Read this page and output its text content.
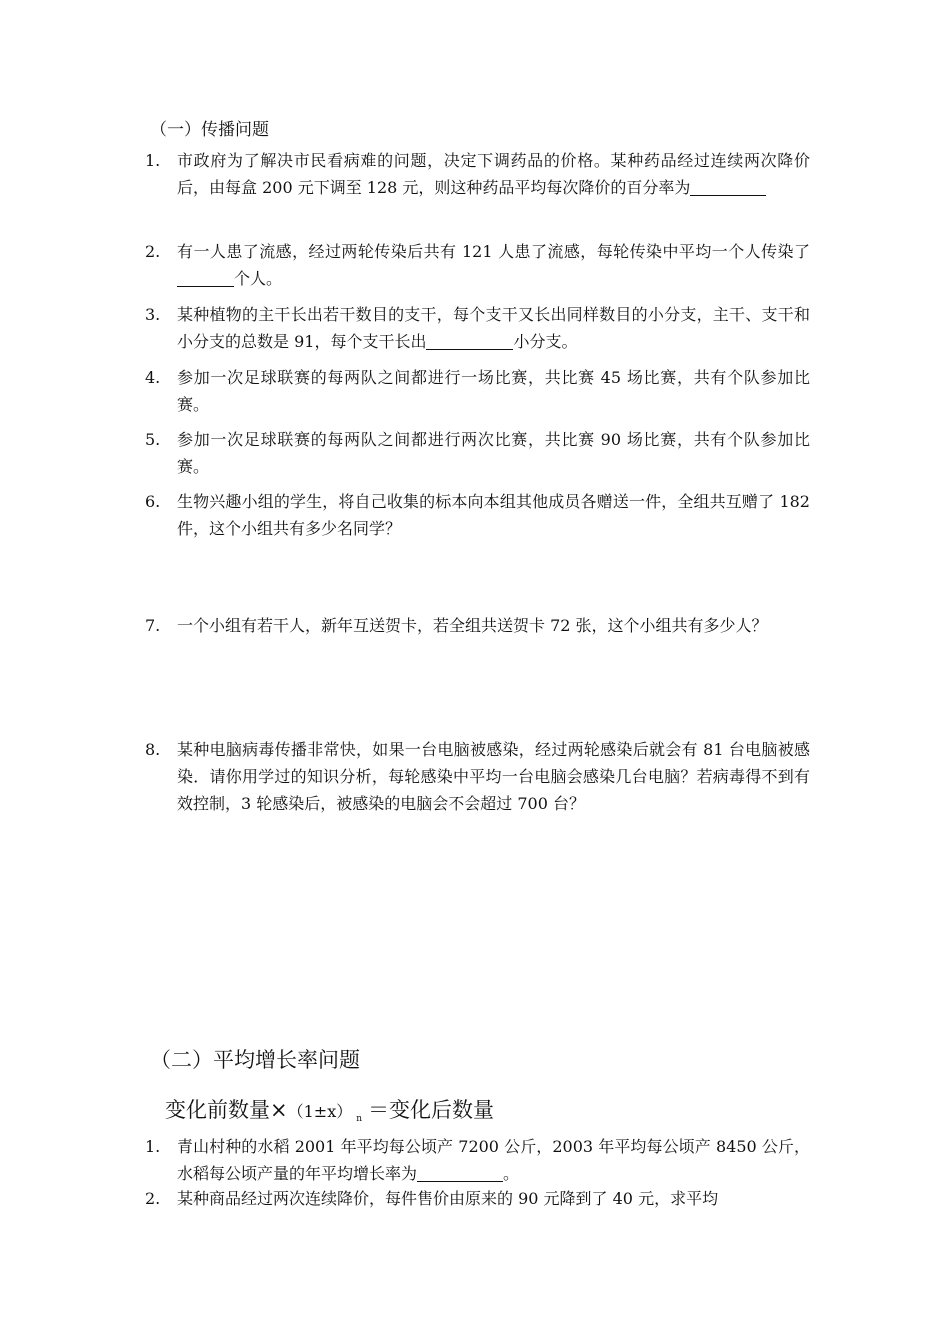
（一）传播问题
1. 市政府为了解决市民看病难的问题，决定下调药品的价格。某种药品经过连续两次降价后，由每盒 200 元下调至 128 元，则这种药品平均每次降价的百分率为
2. 有一人患了流感，经过两轮传染后共有 121 人患了流感，每轮传染中平均一个人传染了个人。
3. 某种植物的主干长出若干数目的支干，每个支干又长出同样数目的小分支，主干、支干和小分支的总数是 91，每个支干长出	小分支。
4. 参加一次足球联赛的每两队之间都进行一场比赛，共比赛 45 场比赛，共有个队参加比赛。
5. 参加一次足球联赛的每两队之间都进行两次比赛，共比赛 90 场比赛，共有个队参加比赛。
6. 生物兴趣小组的学生，将自己收集的标本向本组其他成员各赠送一件，全组共互赠了 182 件，这个小组共有多少名同学？
7. 一个小组有若干人，新年互送贺卡，若全组共送贺卡 72 张，这个小组共有多少人？
8. 某种电脑病毒传播非常快，如果一台电脑被感染，经过两轮感染后就会有 81 台电脑被感染．请你用学过的知识分析，每轮感染中平均一台电脑会感染几台电脑？若病毒得不到有效控制，3 轮感染后，被感染的电脑会不会超过 700 台？
（二）平均增长率问题
变化前数量×（1±x） $_n$ ＝变化后数量
1. 青山村种的水稻 2001 年平均每公顷产 7200 公斤，2003 年平均每公顷产 8450 公斤，水稻每公顷产量的年平均增长率为	。
2. 某种商品经过两次连续降价，每件售价由原来的 90 元降到了 40 元，求平均
